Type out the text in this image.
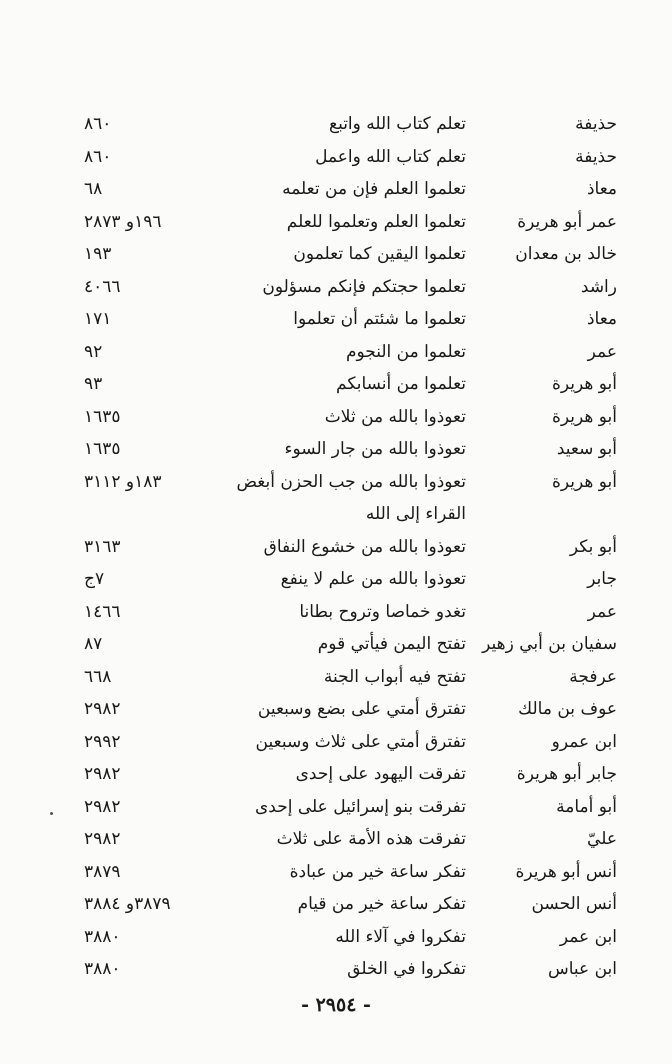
حذيفة
تعلم كتاب الله واتبع
٨٦٠
حذيفة
تعلم كتاب الله واعمل
٨٦٠
معاذ
تعلموا العلم فإن من تعلمه
٦٨
عمر أبو هريرة
تعلموا العلم وتعلموا للعلم
١٩٦و ٢٨٧٣
خالد بن معدان
تعلموا اليقين كما تعلمون
١٩٣
راشد
تعلموا حجتكم فإنكم مسؤلون
٤٠٦٦
معاذ
تعلموا ما شئتم أن تعلموا
١٧١
عمر
تعلموا من النجوم
٩٢
أبو هريرة
تعلموا من أنسابكم
٩٣
أبو هريرة
تعوذوا بالله من ثلاث
١٦٣٥
أبو سعيد
تعوذوا بالله من جار السوء
١٦٣٥
أبو هريرة
تعوذوا بالله من جب الحزن أبغض
١٨٣و ٣١١٢
القراء إلى الله
أبو بكر
تعوذوا بالله من خشوع النفاق
٣١٦٣
جابر
تعوذوا بالله من علم لا ينفع
٧ج
عمر
تغدو خماصا وتروح بطانا
١٤٦٦
سفيان بن أبي زهير
تفتح اليمن فيأتي قوم
٨٧
عرفجة
تفتح فيه أبواب الجنة
٦٦٨
عوف بن مالك
تفترق أمتي على بضع وسبعين
٢٩٨٢
ابن عمرو
تفترق أمتي على ثلاث وسبعين
٢٩٩٢
جابر أبو هريرة
تفرقت اليهود على إحدى
٢٩٨٢
أبو أمامة
تفرقت بنو إسرائيل على إحدى
٢٩٨٢
عليّ
تفرقت هذه الأمة على ثلاث
٢٩٨٢
أنس أبو هريرة
تفكر ساعة خير من عبادة
٣٨٧٩
أنس الحسن
تفكر ساعة خير من قيام
٣٨٧٩و ٣٨٨٤
ابن عمر
تفكروا في آلاء الله
٣٨٨٠
ابن عباس
تفكروا في الخلق
٣٨٨٠
- ٢٩٥٤ -
